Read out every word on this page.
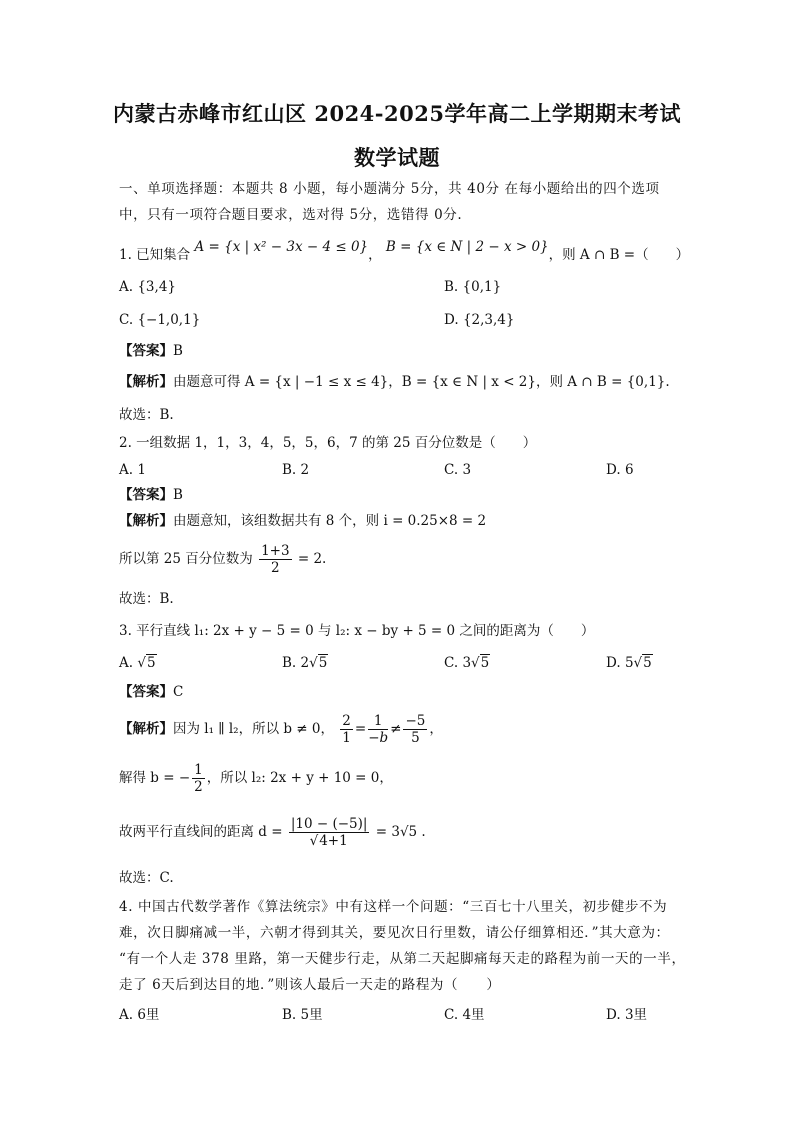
内蒙古赤峰市红山区 2024-2025学年高二上学期期末考试
数学试题
一、单项选择题：本题共 8 小题，每小题满分 5分，共 40分 在每小题给出的四个选项
中，只有一项符合题目要求，选对得 5分，选错得 0分.
1. 已知集合 A = {x | x² − 3x − 4 ≤ 0}， B = {x ∈ N | 2 − x > 0}，则 A ∩ B =（　　）
A. {3,4}	B. {0,1}
C. {−1,0,1}	D. {2,3,4}
【答案】B
【解析】由题意可得 A = {x | −1 ≤ x ≤ 4}，B = {x ∈ N | x < 2}，则 A ∩ B = {0,1}.
故选：B.
2. 一组数据 1，1，3，4，5，5，6，7 的第 25 百分位数是（　　）
A. 1	B. 2	C. 3	D. 6
【答案】B
【解析】由题意知，该组数据共有 8 个，则 i = 0.25×8 = 2
所以第 25 百分位数为 $\frac{1+3}{2} = 2$.
故选：B.
3. 平行直线 l₁: 2x + y − 5 = 0 与 l₂: x − by + 5 = 0 之间的距离为（　　）
A. √5	B. 2√5	C. 3√5	D. 5√5
【答案】C
【解析】因为 l₁ ∥ l₂，所以 b ≠ 0， $\frac{2}{1} = \frac{1}{-b} \ne \frac{-5}{5}$ ，
解得 b = − $\frac{1}{2}$ ，所以 l₂: 2x + y + 10 = 0，
故两平行直线间的距离 $d = \frac{|10 - (-5)|}{√4+1} = 3√5$ .
故选：C.
4. 中国古代数学著作《算法统宗》中有这样一个问题：“三百七十八里关，初步健步不为
难，次日脚痛减一半，六朝才得到其关，要见次日行里数，请公仔细算相还．”其大意为：
“有一个人走 378 里路，第一天健步行走，从第二天起脚痛每天走的路程为前一天的一半，
走了 6天后到达目的地．”则该人最后一天走的路程为（　　）
A. 6里	B. 5里	C. 4里	D. 3里
